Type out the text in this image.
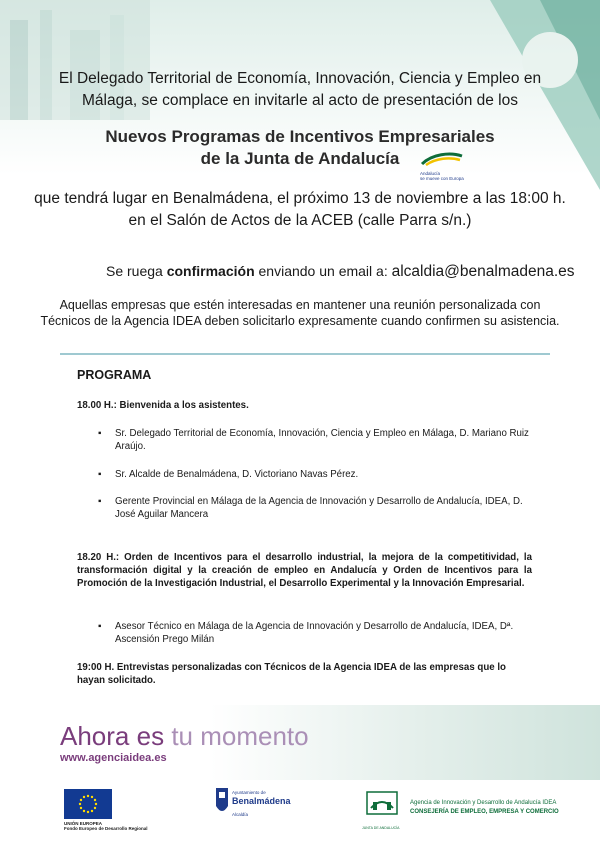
El Delegado Territorial de Economía, Innovación, Ciencia y Empleo en
Málaga, se complace en invitarle al acto de presentación de los
Nuevos Programas de Incentivos Empresariales
de la Junta de Andalucía
Andalucía
se mueve con Europa
que tendrá lugar en Benalmádena, el próximo 13 de noviembre a las 18:00 h.
en el Salón de Actos de la ACEB (calle Parra s/n.)
Se ruega confirmación enviando un email a: alcaldia@benalmadena.es
Aquellas empresas que estén interesadas en mantener una reunión personalizada con
Técnicos de la Agencia IDEA deben solicitarlo expresamente cuando confirmen su asistencia.
PROGRAMA
18.00 H.: Bienvenida a los asistentes.
▪ Sr. Delegado Territorial de Economía, Innovación, Ciencia y Empleo en Málaga, D. Mariano Ruiz Araújo.
▪ Sr. Alcalde de Benalmádena, D. Victoriano Navas Pérez.
▪ Gerente Provincial en Málaga de la Agencia de Innovación y Desarrollo de Andalucía, IDEA, D. José Aguilar Mancera
18.20 H.: Orden de Incentivos para el desarrollo industrial, la mejora de la competitividad, la transformación digital y la creación de empleo en Andalucía y Orden de Incentivos para la Promoción de la Investigación Industrial, el Desarrollo Experimental y la Innovación Empresarial.
▪ Asesor Técnico en Málaga de la Agencia de Innovación y Desarrollo de Andalucía, IDEA, Dª. Ascensión Prego Milán
19:00 H. Entrevistas personalizadas con Técnicos de la Agencia IDEA de las empresas que lo hayan solicitado.
Ahora es tu momento
www.agenciaidea.es
UNIÓN EUROPEA
Fondo Europeo de Desarrollo Regional
Ayuntamiento de
Benalmádena
Alcaldía
JUNTA DE ANDALUCÍA
Agencia de Innovación y Desarrollo de Andalucía IDEA
CONSEJERÍA DE EMPLEO, EMPRESA Y COMERCIO
